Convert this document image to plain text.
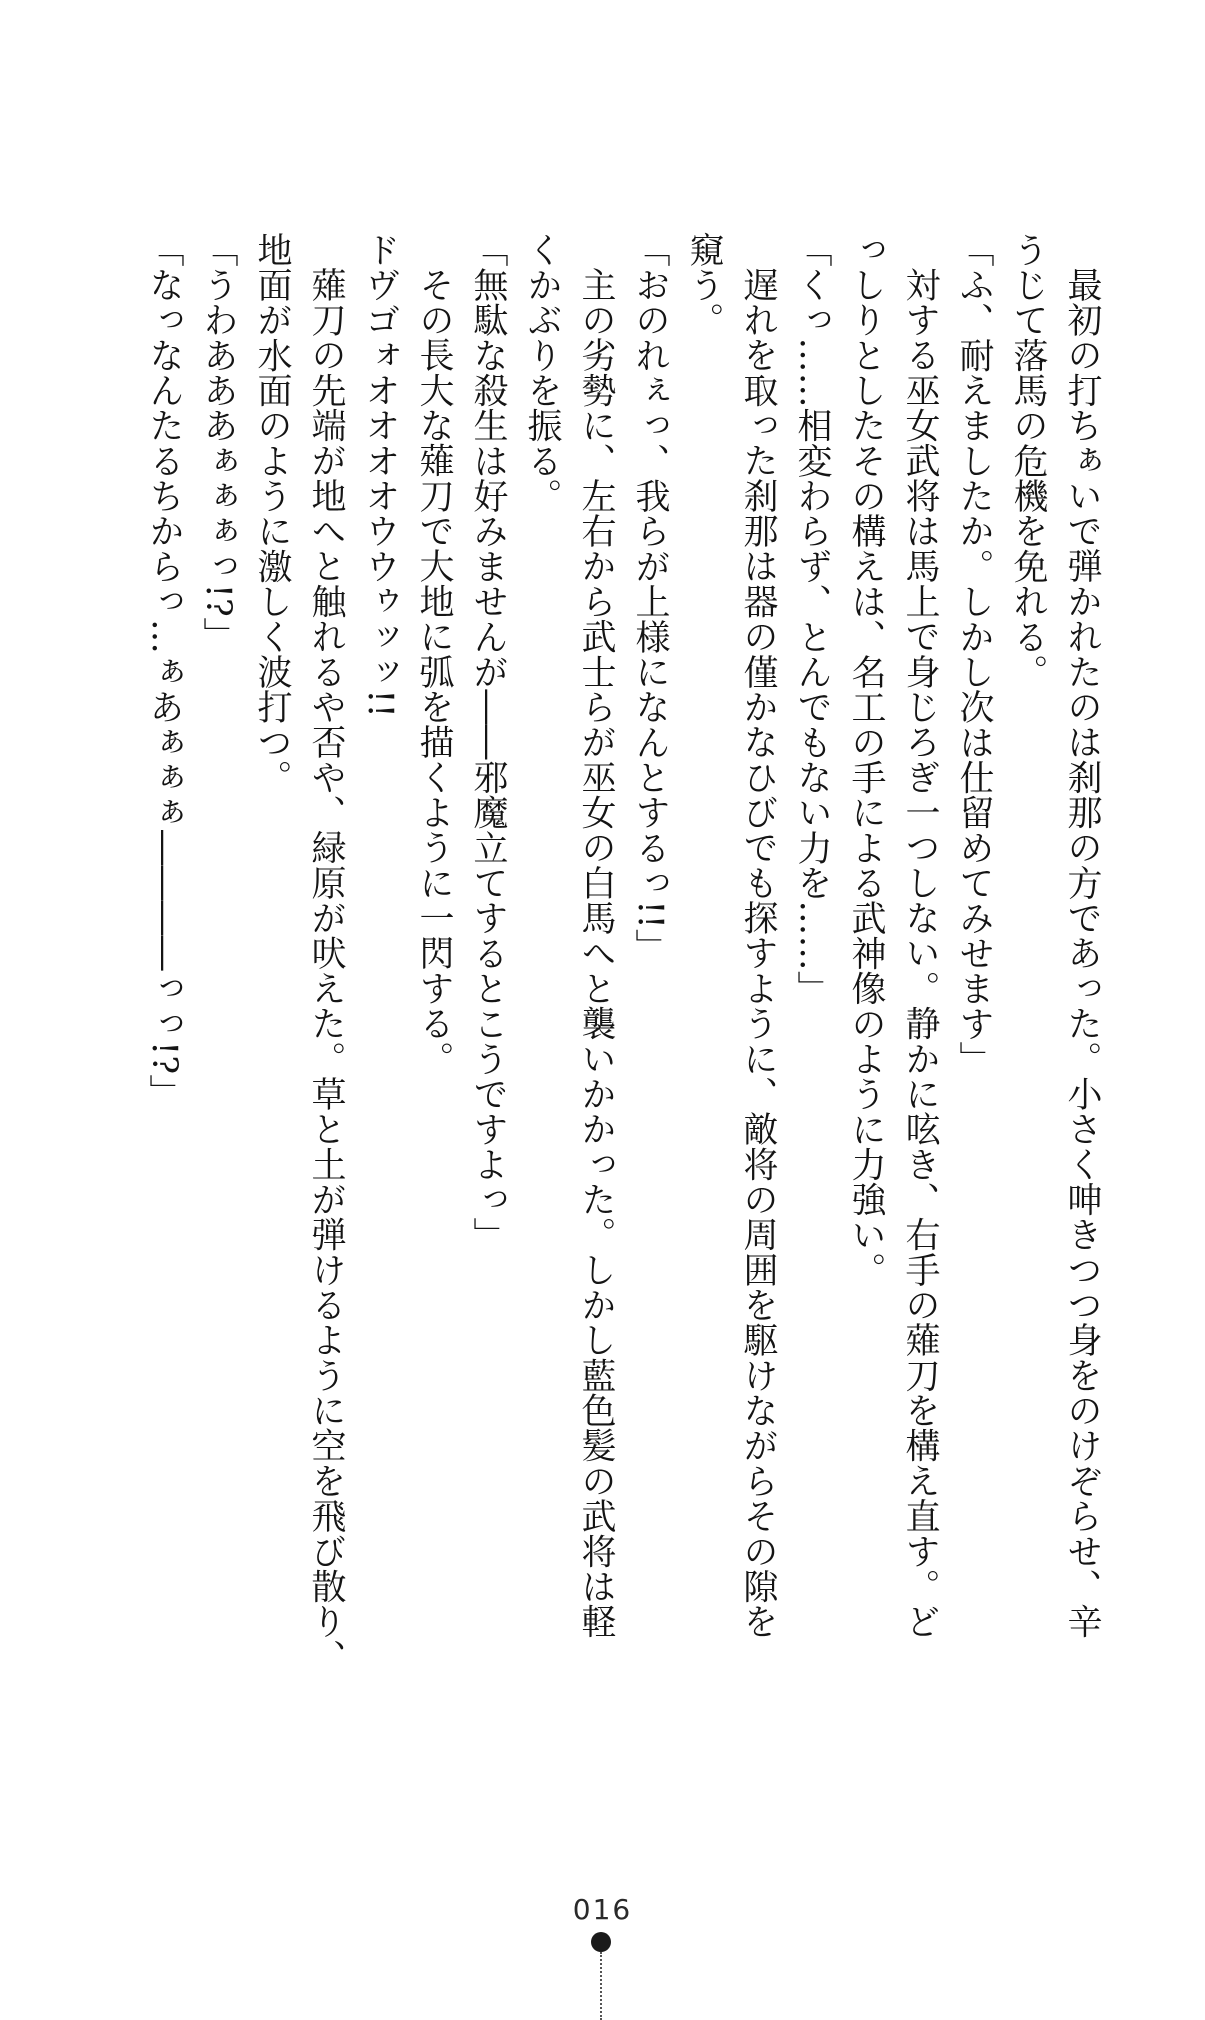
最初の打ちぁいで弾かれたのは刹那の方であった。小さく呻きつつ身をのけぞらせ、辛
うじて落馬の危機を免れる。
「ふ、耐えましたか。しかし次は仕留めてみせます」
対する巫女武将は馬上で身じろぎ一つしない。静かに呟き、右手の薙刀を構え直す。ど
っしりとしたその構えは、名工の手による武神像のように力強い。
「くっ……相変わらず、とんでもない力を……」
遅れを取った刹那は器の僅かなひびでも探すように、敵将の周囲を駆けながらその隙を
窺う。
「おのれぇっ、我らが上様になんとするっ!!」
主の劣勢に、左右から武士らが巫女の白馬へと襲いかかった。しかし藍色髪の武将は軽
くかぶりを振る。
「無駄な殺生は好みませんが――邪魔立てするとこうですよっ」
その長大な薙刀で大地に弧を描くように一閃する。
ドヴゴォオオオオウウゥッッ!!
薙刀の先端が地へと触れるや否や、緑原が吠えた。草と土が弾けるように空を飛び散り、
地面が水面のように激しく波打つ。
「うわあああぁぁぁっ!?」
「なっなんたるちからっ…ぁあぁぁぁ――――っっ!?」
016
